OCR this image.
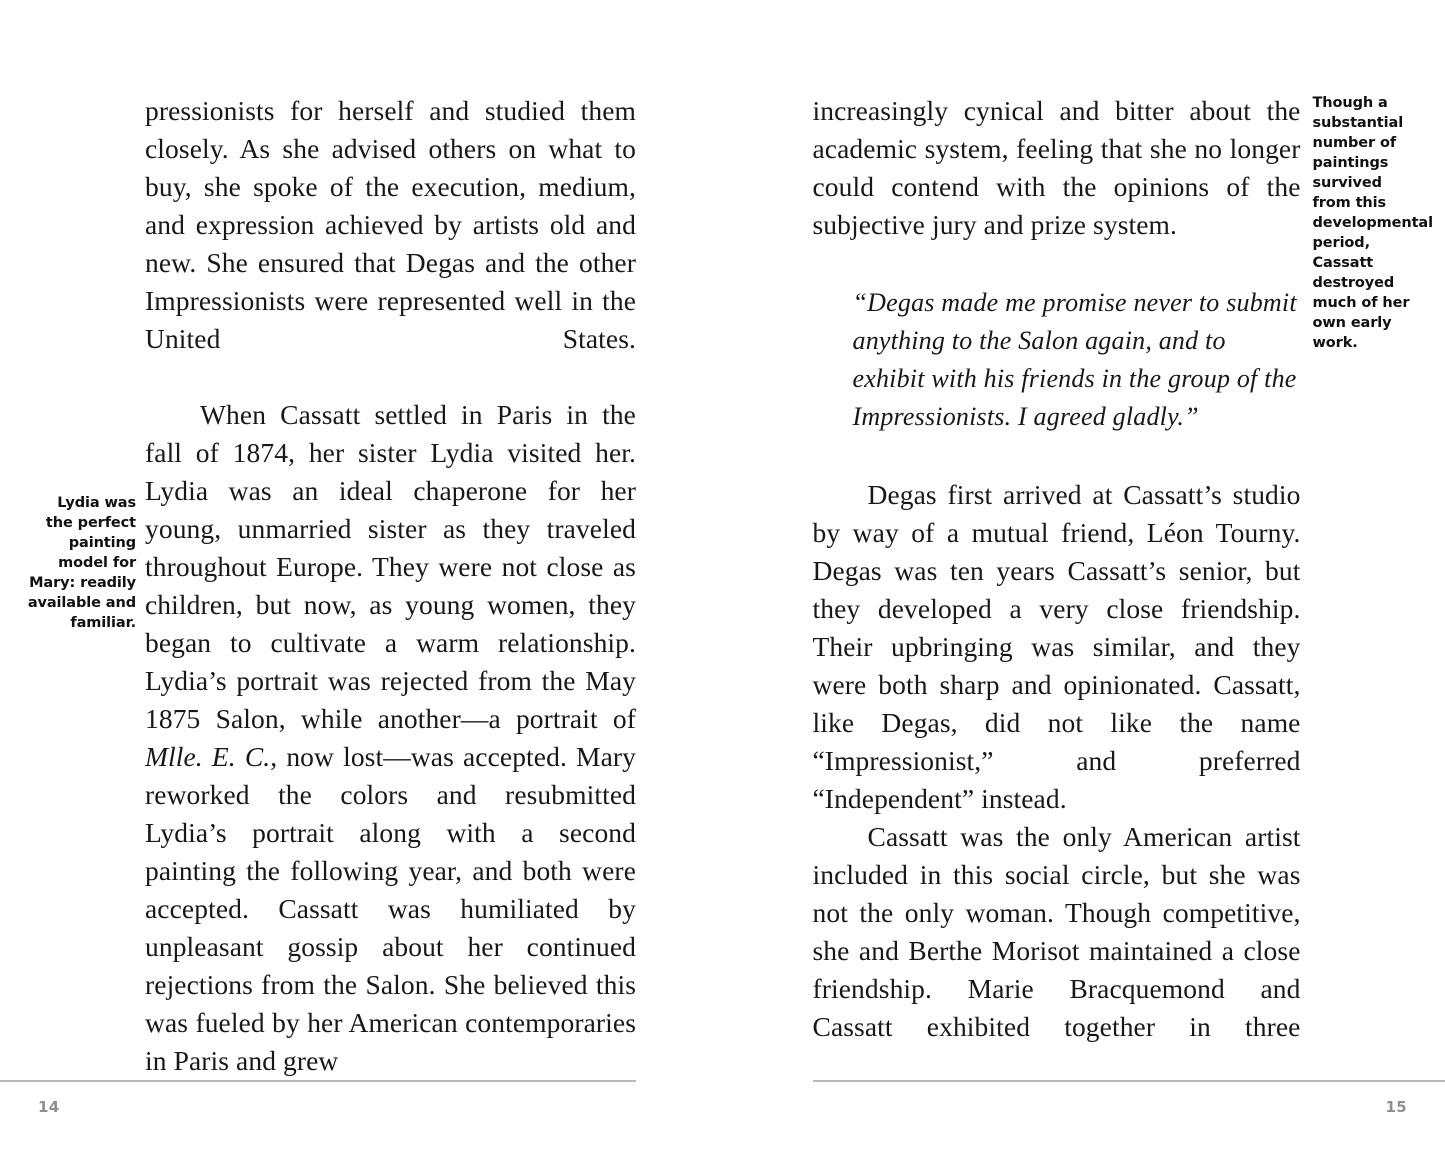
Lydia was the perfect painting model for Mary: readily available and familiar.

pressionists for herself and studied them closely. As she advised others on what to buy, she spoke of the execution, medium, and expression achieved by artists old and new. She ensured that Degas and the other Impressionists were represented well in the United States.

When Cassatt settled in Paris in the fall of 1874, her sister Lydia visited her. Lydia was an ideal chaperone for her young, unmarried sister as they traveled throughout Europe. They were not close as children, but now, as young women, they began to cultivate a warm relationship. Lydia’s portrait was rejected from the May 1875 Salon, while another—a portrait of Mlle. E. C., now lost—was accepted. Mary reworked the colors and resubmitted Lydia’s portrait along with a second painting the following year, and both were accepted. Cassatt was humiliated by unpleasant gossip about her continued rejections from the Salon. She believed this was fueled by her American contemporaries in Paris and grew

14

increasingly cynical and bitter about the academic system, feeling that she no longer could contend with the opinions of the subjective jury and prize system.

“Degas made me promise never to submit anything to the Salon again, and to exhibit with his friends in the group of the Impressionists. I agreed gladly.”

Degas first arrived at Cassatt’s studio by way of a mutual friend, Léon Tourny. Degas was ten years Cassatt’s senior, but they developed a very close friendship. Their upbringing was similar, and they were both sharp and opinionated. Cassatt, like Degas, did not like the name “Impressionist,” and preferred “Independent” instead.

Cassatt was the only American artist included in this social circle, but she was not the only woman. Though competitive, she and Berthe Morisot maintained a close friendship. Marie Bracquemond and Cassatt exhibited together in three

Though a substantial number of paintings survived from this developmental period, Cassatt destroyed much of her own early work.

15
